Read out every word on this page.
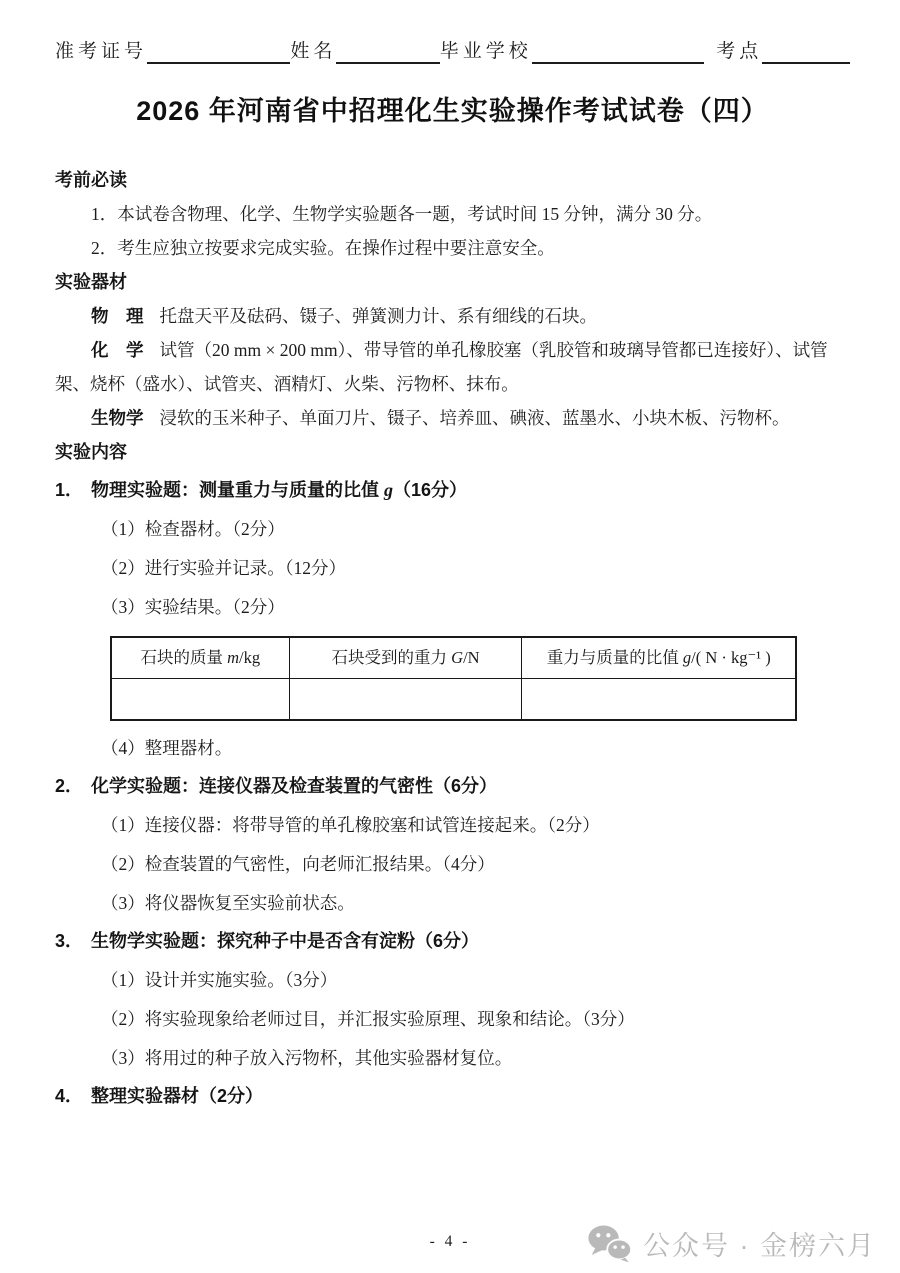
准考证号	姓名	毕业学校	考点
2026 年河南省中招理化生实验操作考试试卷（四）

考前必读

1．本试卷含物理、化学、生物学实验题各一题，考试时间 15 分钟，满分 30 分。

2．考生应独立按要求完成实验。在操作过程中要注意安全。

实验器材

物　理 托盘天平及砝码、镊子、弹簧测力计、系有细线的石块。

化　学 试管（20 mm × 200 mm）、带导管的单孔橡胶塞（乳胶管和玻璃导管都已连接好）、试管架、烧杯（盛水）、试管夹、酒精灯、火柴、污物杯、抹布。

生物学 浸软的玉米种子、单面刀片、镊子、培养皿、碘液、蓝墨水、小块木板、污物杯。

实验内容

1． 物理实验题：测量重力与质量的比值 g（16分）

（1）检查器材。（2分）

（2）进行实验并记录。（12分）

（3）实验结果。（2分）

石块的质量 m/kg	石块受到的重力 G/N	重力与质量的比值 g/( N · kg⁻¹ )

（4）整理器材。

2． 化学实验题：连接仪器及检查装置的气密性（6分）

（1）连接仪器：将带导管的单孔橡胶塞和试管连接起来。（2分）

（2）检查装置的气密性，向老师汇报结果。（4分）

（3）将仪器恢复至实验前状态。

3． 生物学实验题：探究种子中是否含有淀粉（6分）

（1）设计并实施实验。（3分）

（2）将实验现象给老师过目，并汇报实验原理、现象和结论。（3分）

（3）将用过的种子放入污物杯，其他实验器材复位。

4． 整理实验器材（2分）

- 4 -	公众号 · 金榜六月
